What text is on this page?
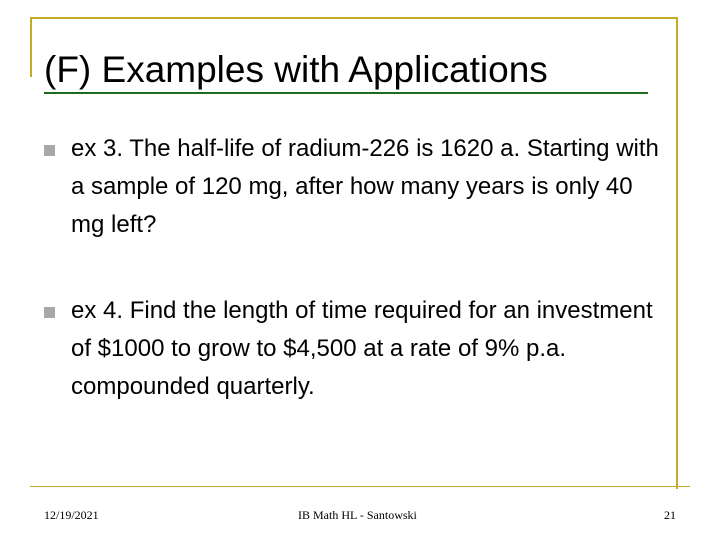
(F) Examples with Applications
ex 3. The half-life of radium-226 is 1620 a. Starting with a sample of 120 mg, after how many years is only 40 mg left?
ex 4. Find the length of time required for an investment of $1000 to grow to $4,500 at a rate of 9% p.a. compounded quarterly.
12/19/2021	IB Math HL - Santowski	21
